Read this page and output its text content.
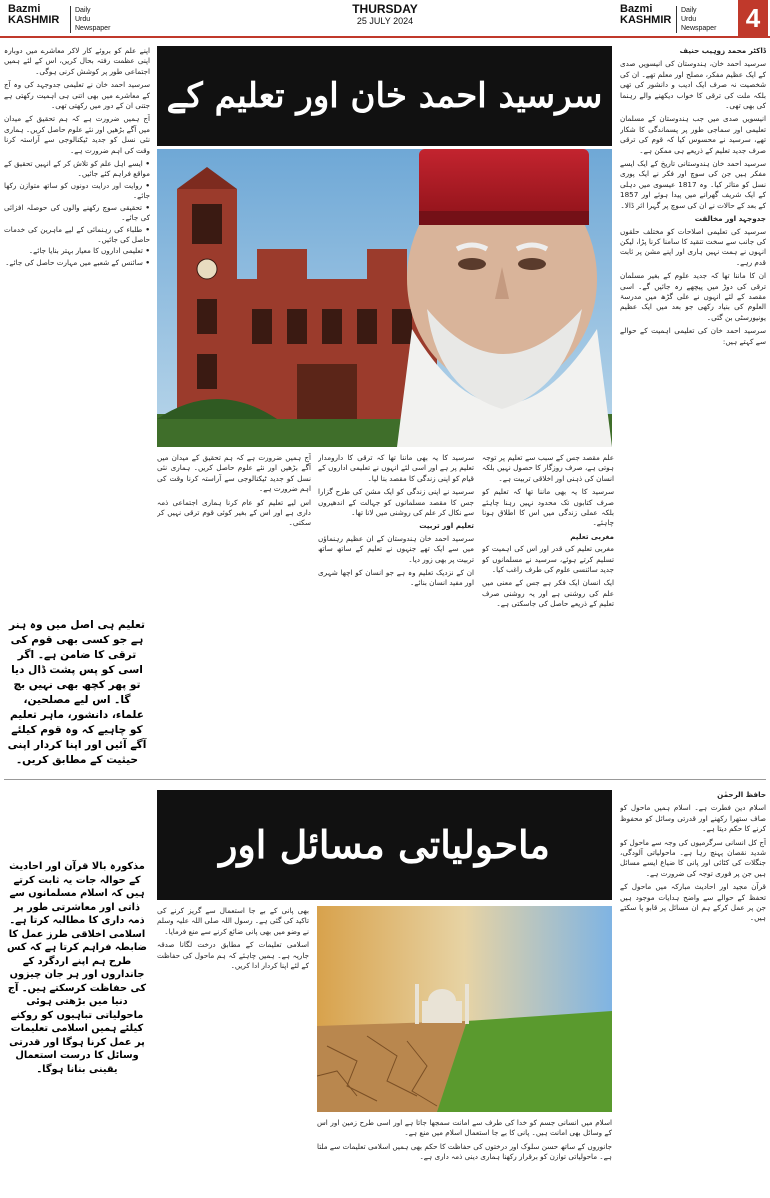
Bazmi
KASHMIR
Daily
Urdu Newspaper
THURSDAY
25 JULY 2024
Bazmi
KASHMIR
Daily
Urdu Newspaper 4
سرسید احمد خان اور تعلیم کے

ڈاکٹر محمد زوہیب حنیف

سرسید احمد خان، ہندوستان کی انیسویں صدی کے ایک عظیم مفکر، مصلح اور معلم تھے۔ ان کی شخصیت نہ صرف ایک ادیب و دانشور کی تھی بلکہ ملت کی ترقی کا خواب دیکھنے والے رہنما کی بھی تھی۔

انیسویں صدی میں جب ہندوستان کے مسلمان تعلیمی اور سماجی طور پر پسماندگی کا شکار تھے، سرسید نے محسوس کیا کہ قوم کی ترقی صرف جدید تعلیم کے ذریعے ہی ممکن ہے۔

سرسید احمد خان ہندوستانی تاریخ کے ایک ایسے مفکر ہیں جن کی سوچ اور فکر نے ایک پوری نسل کو متاثر کیا۔ وہ 1817 عیسوی میں دہلی کے ایک شریف گھرانے میں پیدا ہوئے اور 1857 کے بعد کے حالات نے ان کی سوچ پر گہرا اثر ڈالا۔

جدوجہد اور مخالفت

سرسید کی تعلیمی اصلاحات کو مختلف حلقوں کی جانب سے سخت تنقید کا سامنا کرنا پڑا، لیکن انہوں نے ہمت نہیں ہاری اور اپنے مشن پر ثابت قدم رہے۔

ان کا ماننا تھا کہ جدید علوم کے بغیر مسلمان ترقی کی دوڑ میں پیچھے رہ جائیں گے۔ اسی مقصد کے لئے انہوں نے علی گڑھ میں مدرسۃ العلوم کی بنیاد رکھی جو بعد میں ایک عظیم یونیورسٹی بن گئی۔

سرسید احمد خان کی تعلیمی اہمیت کے حوالے سے کہتے ہیں:

علم مقصد جس کے سبب سے تعلیم پر توجہ ہوتی ہے، صرف روزگار کا حصول نہیں بلکہ انسان کی ذہنی اور اخلاقی تربیت ہے۔

سرسید کا یہ بھی ماننا تھا کہ تعلیم کو صرف کتابوں تک محدود نہیں رہنا چاہئے بلکہ عملی زندگی میں اس کا اطلاق ہونا چاہئے۔

مغربی تعلیم

مغربی تعلیم کی قدر اور اس کی اہمیت کو تسلیم کرتے ہوئے، سرسید نے مسلمانوں کو جدید سائنسی علوم کی طرف راغب کیا۔

ایک انسان ایک فکر ہے جس کے معنی میں علم کی روشنی ہے اور یہ روشنی صرف تعلیم کے ذریعے حاصل کی جاسکتی ہے۔

سرسید کا یہ بھی ماننا تھا کہ ترقی کا دارومدار تعلیم پر ہے اور اسی لئے انہوں نے تعلیمی اداروں کے قیام کو اپنی زندگی کا مقصد بنا لیا۔

سرسید نے اپنی زندگی کو ایک مشن کی طرح گزارا جس کا مقصد مسلمانوں کو جہالت کے اندھیروں سے نکال کر علم کی روشنی میں لانا تھا۔

تعلیم اور تربیت

سرسید احمد خان ہندوستان کے ان عظیم رہنماؤں میں سے ایک تھے جنہوں نے تعلیم کے ساتھ ساتھ تربیت پر بھی زور دیا۔

ان کے نزدیک تعلیم وہ ہے جو انسان کو اچھا شہری اور مفید انسان بنائے۔

آج ہمیں ضرورت ہے کہ ہم تحقیق کے میدان میں آگے بڑھیں اور نئے علوم حاصل کریں۔ ہماری نئی نسل کو جدید ٹیکنالوجی سے آراستہ کرنا وقت کی اہم ضرورت ہے۔

اس لیے تعلیم کو عام کرنا ہماری اجتماعی ذمہ داری ہے اور اس کے بغیر کوئی قوم ترقی نہیں کر سکتی۔

اپنے علم کو بروئے کار لاکر معاشرے میں دوبارہ اپنی عظمت رفتہ بحال کریں، اس کے لئے ہمیں اجتماعی طور پر کوشش کرنی ہوگی۔

سرسید احمد خان نے تعلیمی جدوجہد کی وہ آج کے معاشرے میں بھی اتنی ہی اہمیت رکھتی ہے جتنی ان کے دور میں رکھتی تھی۔

آج ہمیں ضرورت ہے کہ ہم تحقیق کے میدان میں آگے بڑھیں اور نئے علوم حاصل کریں۔ ہماری نئی نسل کو جدید ٹیکنالوجی سے آراستہ کرنا وقت کی اہم ضرورت ہے۔

• ایسے اہل علم کو تلاش کر کے انہیں تحقیق کے مواقع فراہم کئے جائیں۔
• روایت اور درایت دونوں کو ساتھ متوازن رکھا جائے۔
• تحقیقی سوچ رکھنے والوں کی حوصلہ افزائی کی جائے۔
• طلباء کی رہنمائی کے لیے ماہرین کی خدمات حاصل کی جائیں۔
• تعلیمی اداروں کا معیار بہتر بنایا جائے۔
• سائنس کے شعبے میں مہارت حاصل کی جائے۔
تعلیم ہی اصل میں وہ ہنر ہے جو کسی بھی قوم کی ترقی کا ضامن ہے۔ اگر اسی کو پس پشت ڈال دیا تو پھر کچھ بھی نہیں بچ گا۔ اس لیے مصلحین، علماء، دانشور، ماہر تعلیم کو چاہیے کہ وہ قوم کیلئے آگے آئیں اور اپنا کردار اپنی حیثیت کے مطابق کریں۔
ماحولیاتی مسائل اور

حافظ الرحمٰن

اسلام دین فطرت ہے۔ اسلام ہمیں ماحول کو صاف ستھرا رکھنے اور قدرتی وسائل کو محفوظ کرنے کا حکم دیتا ہے۔

آج کل انسانی سرگرمیوں کی وجہ سے ماحول کو شدید نقصان پہنچ رہا ہے۔ ماحولیاتی آلودگی، جنگلات کی کٹائی اور پانی کا ضیاع ایسے مسائل ہیں جن پر فوری توجہ کی ضرورت ہے۔

قرآن مجید اور احادیث مبارکہ میں ماحول کے تحفظ کے حوالے سے واضح ہدایات موجود ہیں جن پر عمل کرکے ہم ان مسائل پر قابو پا سکتے ہیں۔

اسلام میں انسانی جسم کو خدا کی طرف سے امانت سمجھا جاتا ہے اور اسی طرح زمین اور اس کے وسائل بھی امانت ہیں۔ پانی کا بے جا استعمال اسلام میں منع ہے۔

جانوروں کے ساتھ حسن سلوک اور درختوں کی حفاظت کا حکم بھی ہمیں اسلامی تعلیمات سے ملتا ہے۔ ماحولیاتی توازن کو برقرار رکھنا ہماری دینی ذمہ داری ہے۔

بھی پانی کے بے جا استعمال سے گریز کرنے کی تاکید کی گئی ہے۔ رسول اللہ صلی اللہ علیہ وسلم نے وضو میں بھی پانی ضائع کرنے سے منع فرمایا۔

اسلامی تعلیمات کے مطابق درخت لگانا صدقہ جاریہ ہے۔ ہمیں چاہئے کہ ہم ماحول کی حفاظت کے لئے اپنا کردار ادا کریں۔

مذکورہ بالا قرآن اور احادیث کے حوالہ جات یہ ثابت کرتے ہیں کہ اسلام مسلمانوں سے ذاتی اور معاشرتی طور پر ذمہ داری کا مطالبہ کرتا ہے۔ اسلامی اخلاقی طرز عمل کا ضابطہ فراہم کرتا ہے کہ کس طرح ہم اپنے اردگرد کے جانداروں اور ہر جان چیزوں کی حفاظت کرسکتے ہیں۔ آج دنیا میں بڑھتی ہوئی ماحولیاتی تباہیوں کو روکنے کیلئے ہمیں اسلامی تعلیمات پر عمل کرنا ہوگا اور قدرتی وسائل کا درست استعمال یقینی بنانا ہوگا۔
